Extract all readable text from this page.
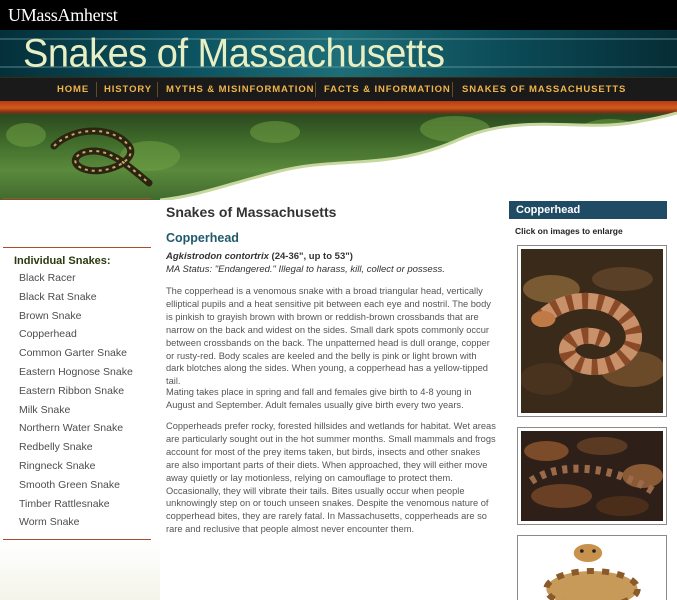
UMassAmherst
Snakes of Massachusetts
HOME HISTORY MYTHS & MISINFORMATION FACTS & INFORMATION SNAKES OF MASSACHUSETTS
Individual Snakes:
Black Racer
Black Rat Snake
Brown Snake
Copperhead
Common Garter Snake
Eastern Hognose Snake
Eastern Ribbon Snake
Milk Snake
Northern Water Snake
Redbelly Snake
Ringneck Snake
Smooth Green Snake
Timber Rattlesnake
Worm Snake
Snakes of Massachusetts
Copperhead
Agkistrodon contortrix (24-36", up to 53")
MA Status: "Endangered." Illegal to harass, kill, collect or possess.

The copperhead is a venomous snake with a broad triangular head, vertically elliptical pupils and a heat sensitive pit between each eye and nostril. The body is pinkish to grayish brown with brown or reddish-brown crossbands that are narrow on the back and widest on the sides. Small dark spots commonly occur between crossbands on the back. The unpatterned head is dull orange, copper or rusty-red. Body scales are keeled and the belly is pink or light brown with dark blotches along the sides. When young, a copperhead has a yellow-tipped tail.

Mating takes place in spring and fall and females give birth to 4-8 young in August and September. Adult females usually give birth every two years.

Copperheads prefer rocky, forested hillsides and wetlands for habitat. Wet areas are particularly sought out in the hot summer months. Small mammals and frogs account for most of the prey items taken, but birds, insects and other snakes are also important parts of their diets. When approached, they will either move away quietly or lay motionless, relying on camouflage to protect them. Occasionally, they will vibrate their tails. Bites usually occur when people unknowingly step on or touch unseen snakes. Despite the venomous nature of copperhead bites, they are rarely fatal. In Massachusetts, copperheads are so rare and reclusive that people almost never encounter them.

Copperhead
Click on images to enlarge
